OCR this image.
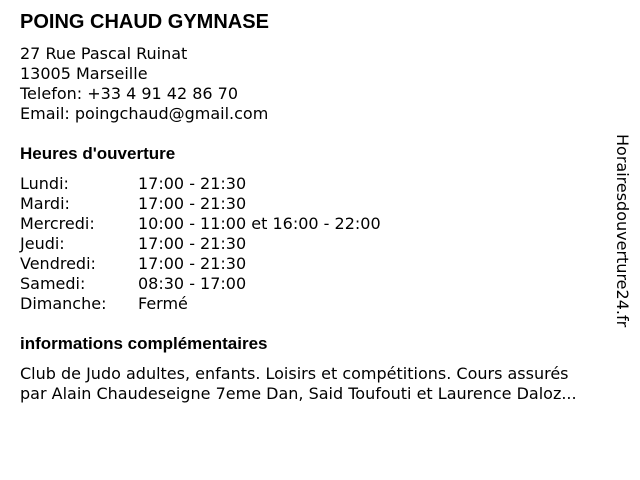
POING CHAUD GYMNASE
27 Rue Pascal Ruinat
13005 Marseille
Telefon: +33 4 91 42 86 70
Email: poingchaud@gmail.com
Heures d'ouverture
Lundi:	17:00 - 21:30
Mardi:	17:00 - 21:30
Mercredi:	10:00 - 11:00 et 16:00 - 22:00
Jeudi:	17:00 - 21:30
Vendredi:	17:00 - 21:30
Samedi:	08:30 - 17:00
Dimanche:	Fermé
informations complémentaires
Club de Judo adultes, enfants. Loisirs et compétitions. Cours assurés
par Alain Chaudeseigne 7eme Dan, Said Toufouti et Laurence Daloz...
Horairesdouverture24.fr
